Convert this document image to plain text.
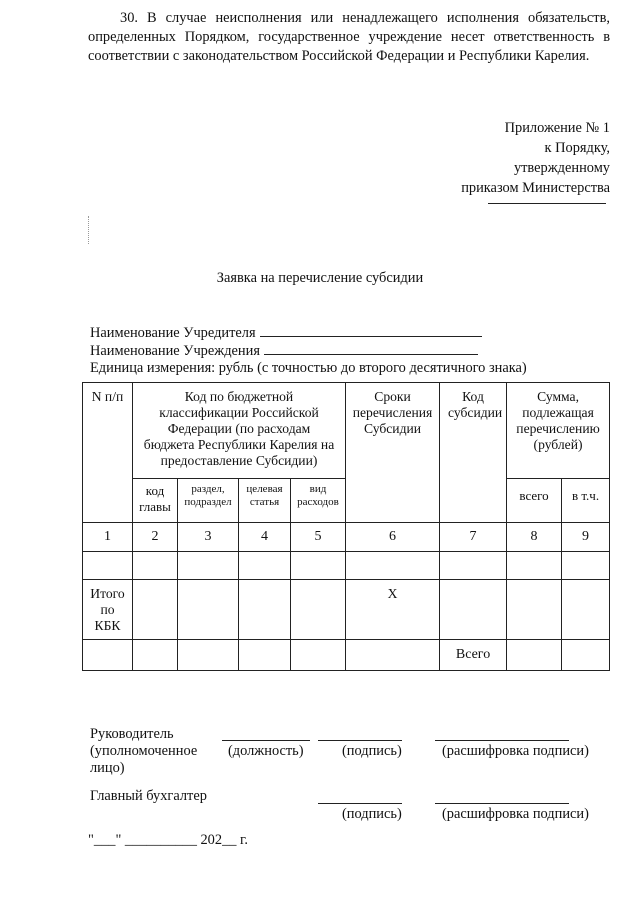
30. В случае неисполнения или ненадлежащего исполнения обязательств, определенных Порядком, государственное учреждение несет ответственность в соответствии с законодательством Российской Федерации и Республики Карелия.
Приложение № 1
к Порядку,
утвержденному
приказом Министерства
Заявка на перечисление субсидии
Наименование Учредителя
Наименование Учреждения
Единица измерения: рубль (с точностью до второго десятичного знака)
N п/п	Код по бюджетной классификации Российской Федерации (по расходам бюджета Республики Карелия на предоставление Субсидии)				Сроки перечисления Субсидии	Код субсидии	Сумма, подлежащая перечислению (рублей)	
	код главы	раздел, подраздел	целевая статья	вид расходов			всего	в т.ч.
1	2	3	4	5	6	7	8	9

Итого по КБК					X			
						Всего		
Руководитель
(уполномоченное (должность)	(подпись)	(расшифровка подписи)
лицо)
Главный бухгалтер
(подпись)	(расшифровка подписи)
"___" __________ 202__ г.
